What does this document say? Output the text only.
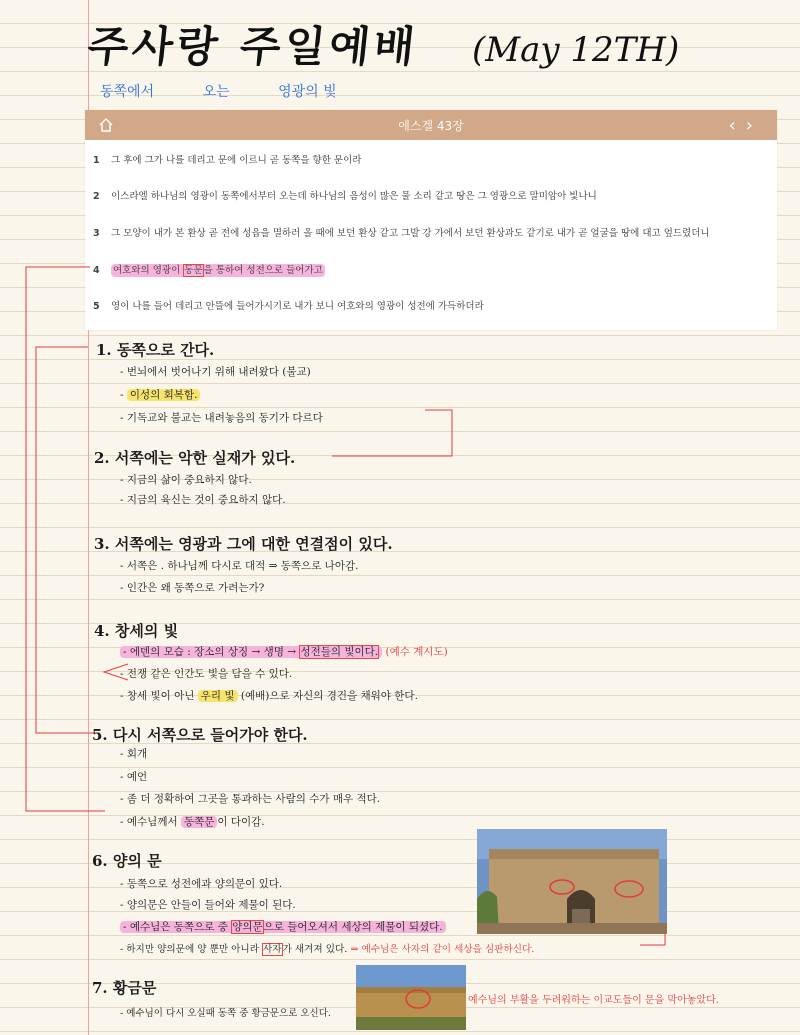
주사랑 주일예배 (May 12TH)
동쪽에서	오는	영광의 빛
에스겔 43장	‹›
1 그 후에 그가 나를 데리고 문에 이르니 곧 동쪽을 향한 문이라
2 이스라엘 하나님의 영광이 동쪽에서부터 오는데 하나님의 음성이 많은 물 소리 같고 땅은 그 영광으로 말미암아 빛나니
3 그 모양이 내가 본 환상 곧 전에 성읍을 멸하러 올 때에 보던 환상 같고 그발 강 가에서 보던 환상과도 같기로 내가 곧 얼굴을 땅에 대고 엎드렸더니
4 여호와의 영광이 동문을 통하여 성전으로 들어가고
5 영이 나를 들어 데리고 안뜰에 들어가시기로 내가 보니 여호와의 영광이 성전에 가득하더라
1. 동쪽으로 간다.
- 번뇌에서 벗어나기 위해 내려왔다 (불교)
- 이성의 회복함.
- 기독교와 불교는 내려놓음의 동기가 다르다
2. 서쪽에는 악한 실재가 있다.
- 지금의 삶이 중요하지 않다.
- 지금의 육신는 것이 중요하지 않다.
3. 서쪽에는 영광과 그에 대한 연결점이 있다.
- 서쪽은 . 하나님께 다시로 대적 ⇒ 동쪽으로 나아감.
- 인간은 왜 동쪽으로 가려는가?
4. 창세의 빛
- 에덴의 모습 : 장소의 상징 → 생명 → 성전들의 빛이다. (예수 계시도)
- 전쟁 같은 인간도 빛을 담을 수 있다.
- 창세 빛이 아닌 우리 빛 (예배)으로 자신의 경건을 채워야 한다.
5. 다시 서쪽으로 들어가야 한다.
- 회개
- 예언
- 좀 더 정확하여 그곳을 통과하는 사람의 수가 매우 적다.
- 예수님께서 동쪽문 이 다이감.
6. 양의 문
- 동쪽으로 성전에과 양의문이 있다.
- 양의문은 안들이 들어와 제물이 된다.
- 예수님은 동쪽으로 중 양의문으로 들어오셔서 세상의 제물이 되셨다.
- 하지만 양의문에 양 뿐만 아니라 사자가 새겨져 있다. ⇒ 예수님은 사자의 같이 세상을 심판하신다.
7. 황금문
- 예수님이 다시 오실때 동쪽 중 황금문으로 오신다.
예수님의 부활을 두려워하는 이교도들이 문을 막아놓았다.
